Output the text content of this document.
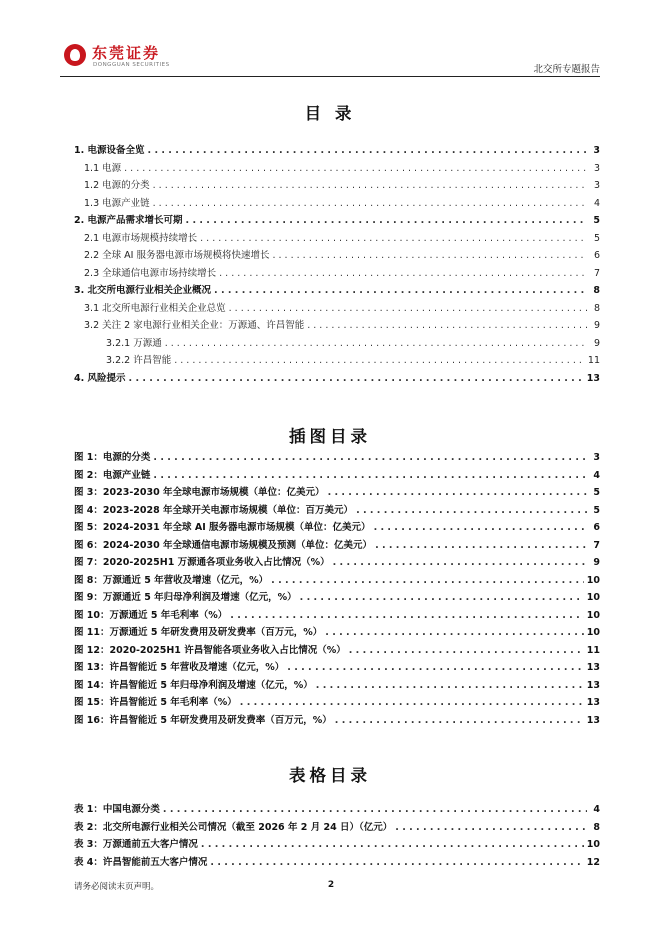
东莞证券
DONGGUAN SECURITIES	北交所专题报告
目 录
1. 电源设备全览 . . .	3
1.1 电源 . . .	3
1.2 电源的分类 . . .	3
1.3 电源产业链 . . .	4
2. 电源产品需求增长可期 . . .	5
2.1 电源市场规模持续增长 . . .	5
2.2 全球 AI 服务器电源市场规模将快速增长 . . .	6
2.3 全球通信电源市场持续增长 . . .	7
3. 北交所电源行业相关企业概况 . . .	8
3.1 北交所电源行业相关企业总览 . . .	8
3.2 关注 2 家电源行业相关企业：万源通、许昌智能 . . .	9
3.2.1 万源通 . . .	9
3.2.2 许昌智能 . . .	11
4. 风险提示 . . .	13
插图目录
图 1：电源的分类 . . .	3
图 2：电源产业链 . . .	4
图 3：2023-2030 年全球电源市场规模（单位：亿美元） . . .	5
图 4：2023-2028 年全球开关电源市场规模（单位：百万美元） . . .	5
图 5：2024-2031 年全球 AI 服务器电源市场规模（单位：亿美元） . . .	6
图 6：2024-2030 年全球通信电源市场规模及预测（单位：亿美元） . . .	7
图 7：2020-2025H1 万源通各项业务收入占比情况（%） . . .	9
图 8：万源通近 5 年营收及增速（亿元，%） . . .	10
图 9：万源通近 5 年归母净利润及增速（亿元，%） . . .	10
图 10：万源通近 5 年毛利率（%） . . .	10
图 11：万源通近 5 年研发费用及研发费率（百万元，%） . . .	10
图 12：2020-2025H1 许昌智能各项业务收入占比情况（%） . . .	11
图 13：许昌智能近 5 年营收及增速（亿元，%） . . .	13
图 14：许昌智能近 5 年归母净利润及增速（亿元，%） . . .	13
图 15：许昌智能近 5 年毛利率（%） . . .	13
图 16：许昌智能近 5 年研发费用及研发费率（百万元，%） . . .	13
表格目录
表 1：中国电源分类 . . .	4
表 2：北交所电源行业相关公司情况（截至 2026 年 2 月 24 日）（亿元） . . .	8
表 3：万源通前五大客户情况 . . .	10
表 4：许昌智能前五大客户情况 . . .	12
请务必阅读末页声明。	2
